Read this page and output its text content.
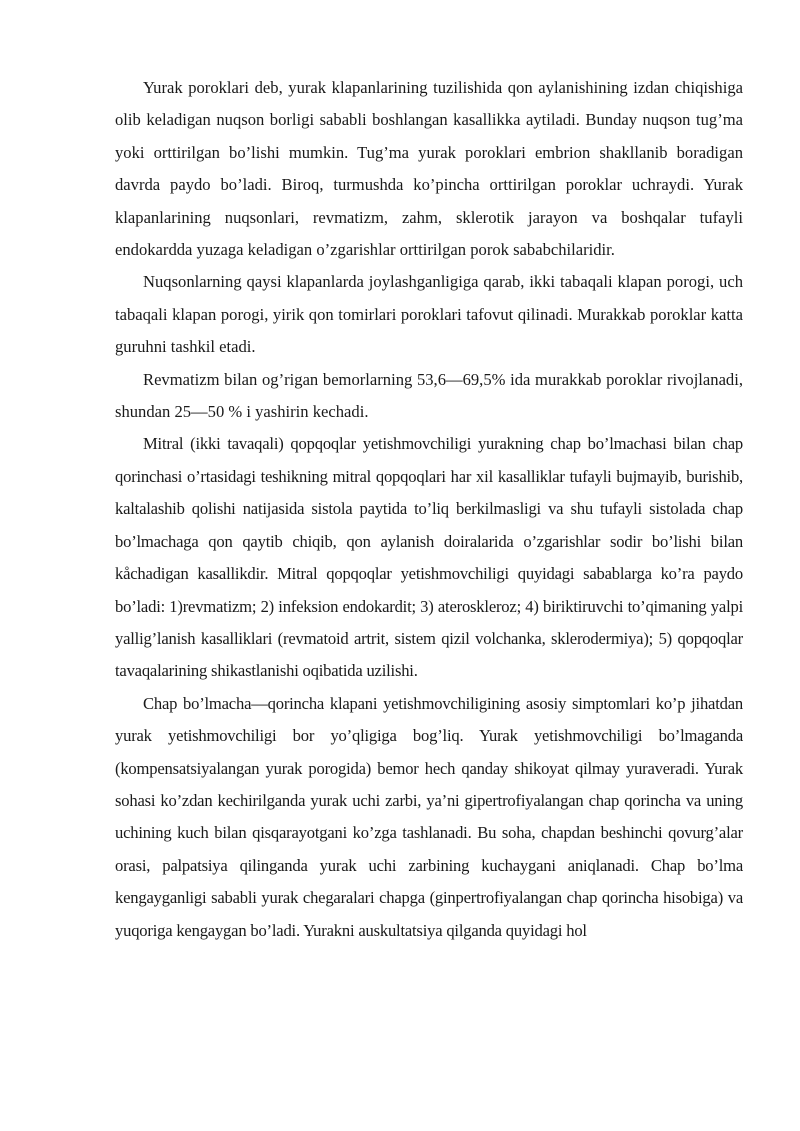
Yurak poroklari deb, yurak klapanlarining tuzilishida qon aylanishining izdan chiqishiga olib keladigan nuqson borligi sababli boshlangan kasallikka aytiladi. Bunday nuqson tug’ma yoki orttirilgan bo’lishi mumkin. Tug’ma yurak poroklari embrion shakllanib boradigan davrda paydo bo’ladi. Biroq, turmushda ko’pincha orttirilgan poroklar uchraydi. Yurak klapanlarining nuqsonlari, revmatizm, zahm, sklerotik jarayon va boshqalar tufayli endokardda yuzaga keladigan o’zgarishlar orttirilgan porok sababchilaridir.

Nuqsonlarning qaysi klapanlarda joylashganligiga qarab, ikki tabaqali klapan porogi, uch tabaqali klapan porogi, yirik qon tomirlari poroklari tafovut qilinadi. Murakkab poroklar katta guruhni tashkil etadi.

Revmatizm bilan og’rigan bemorlarning 53,6—69,5% ida murakkab poroklar rivojlanadi, shundan 25—50 % i yashirin kechadi.

Mitral (ikki tavaqali) qopqoqlar yetishmovchiligi yurakning chap bo’lmachasi bilan chap qorinchasi o’rtasidagi teshikning mitral qopqoqlari har xil kasalliklar tufayli bujmayib, burishib, kaltalashib qolishi natijasida sistola paytida to’liq berkilmasligi va shu tufayli sistolada chap bo’lmachaga qon qaytib chiqib, qon aylanish doiralarida o’zgarishlar sodir bo’lishi bilan kåchadigan kasallikdir. Mitral qopqoqlar yetishmovchiligi quyidagi sabablarga ko’ra paydo bo’ladi: 1)revmatizm; 2) infeksion endokardit; 3) ateroskleroz; 4) biriktiruvchi to’qimaning yalpi yallig’lanish kasalliklari (revmatoid artrit, sistem qizil volchanka, sklerodermiya); 5) qopqoqlar tavaqalarining shikastlanishi oqibatida uzilishi.

Chap bo’lmacha—qorincha klapani yetishmovchiligining asosiy simptomlari ko’p jihatdan yurak yetishmovchiligi bor yo’qligiga bog’liq. Yurak yetishmovchiligi bo’lmaganda (kompensatsiyalangan yurak porogida) bemor hech qanday shikoyat qilmay yuraveradi. Yurak sohasi ko’zdan kechirilganda yurak uchi zarbi, ya’ni gipertrofiyalangan chap qorincha va uning uchining kuch bilan qisqarayotgani ko’zga tashlanadi. Bu soha, chapdan beshinchi qovurg’alar orasi, palpatsiya qilinganda yurak uchi zarbining kuchaygani aniqlanadi. Chap bo’lma kengayganligi sababli yurak chegaralari chapga (ginpertrofiyalangan chap qorincha hisobiga) va yuqoriga kengaygan bo’ladi. Yurakni auskultatsiya qilganda quyidagi hol
